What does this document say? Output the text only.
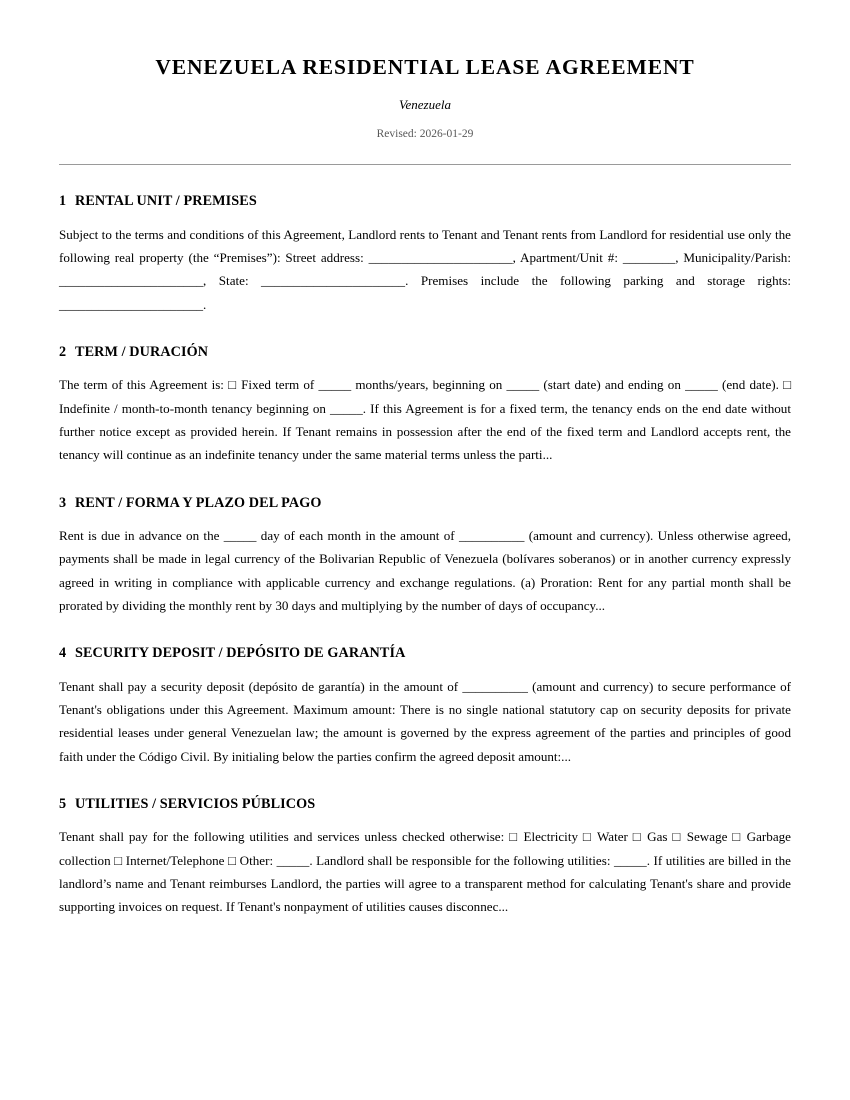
VENEZUELA RESIDENTIAL LEASE AGREEMENT

Venezuela

Revised: 2026-01-29

1 RENTAL UNIT / PREMISES

Subject to the terms and conditions of this Agreement, Landlord rents to Tenant and Tenant rents from Landlord for residential use only the following real property (the “Premises”): Street address: ______________________, Apartment/Unit #: ________, Municipality/Parish: ______________________, State: ______________________. Premises include the following parking and storage rights: ______________________.

2 TERM / DURACIÓN

The term of this Agreement is: □ Fixed term of _____ months/years, beginning on _____ (start date) and ending on _____ (end date). □ Indefinite / month-to-month tenancy beginning on _____. If this Agreement is for a fixed term, the tenancy ends on the end date without further notice except as provided herein. If Tenant remains in possession after the end of the fixed term and Landlord accepts rent, the tenancy will continue as an indefinite tenancy under the same material terms unless the parti...

3 RENT / FORMA Y PLAZO DEL PAGO

Rent is due in advance on the _____ day of each month in the amount of __________ (amount and currency). Unless otherwise agreed, payments shall be made in legal currency of the Bolivarian Republic of Venezuela (bolívares soberanos) or in another currency expressly agreed in writing in compliance with applicable currency and exchange regulations. (a) Proration: Rent for any partial month shall be prorated by dividing the monthly rent by 30 days and multiplying by the number of days of occupancy...

4 SECURITY DEPOSIT / DEPÓSITO DE GARANTÍA

Tenant shall pay a security deposit (depósito de garantía) in the amount of __________ (amount and currency) to secure performance of Tenant's obligations under this Agreement. Maximum amount: There is no single national statutory cap on security deposits for private residential leases under general Venezuelan law; the amount is governed by the express agreement of the parties and principles of good faith under the Código Civil. By initialing below the parties confirm the agreed deposit amount:...

5 UTILITIES / SERVICIOS PÚBLICOS

Tenant shall pay for the following utilities and services unless checked otherwise: □ Electricity □ Water □ Gas □ Sewage □ Garbage collection □ Internet/Telephone □ Other: _____. Landlord shall be responsible for the following utilities: _____. If utilities are billed in the landlord’s name and Tenant reimburses Landlord, the parties will agree to a transparent method for calculating Tenant's share and provide supporting invoices on request. If Tenant's nonpayment of utilities causes disconnec...
